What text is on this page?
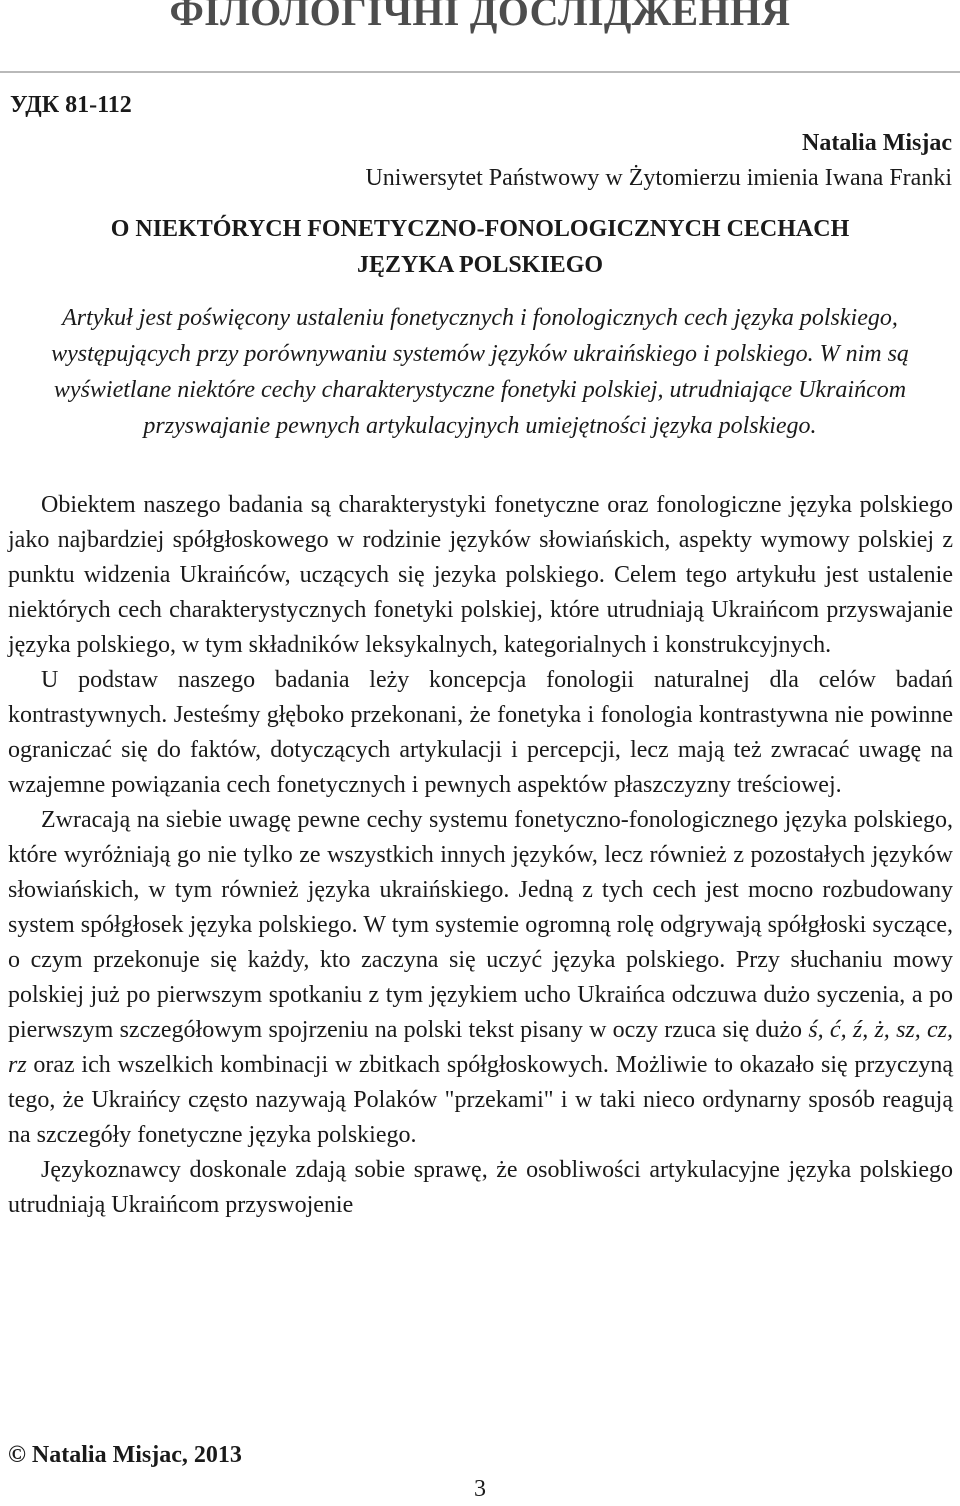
ФІЛОЛОГІЧНІ ДОСЛІДЖЕННЯ
УДК 81-112
Natalia Misjac
Uniwersytet Państwowy w Żytomierzu imienia Iwana Franki
O NIEKTÓRYCH FONETYCZNO-FONOLOGICZNYCH CECHACH
JĘZYKA POLSKIEGO

Artykuł jest poświęcony ustaleniu fonetycznych i fonologicznych cech języka polskiego, występujących przy porównywaniu systemów języków ukraińskiego i polskiego. W nim są wyświetlane niektóre cechy charakterystyczne fonetyki polskiej, utrudniające Ukraińcom przyswajanie pewnych artykulacyjnych umiejętności języka polskiego.

Obiektem naszego badania są charakterystyki fonetyczne oraz fonologiczne języka polskiego jako najbardziej spółgłoskowego w rodzinie języków słowiańskich, aspekty wymowy polskiej z punktu widzenia Ukraińców, uczących się jezyka polskiego. Celem tego artykułu jest ustalenie niektórych cech charakterystycznych fonetyki polskiej, które utrudniają Ukraińcom przyswajanie języka polskiego, w tym składników leksykalnych, kategorialnych i konstrukcyjnych.

U podstaw naszego badania leży koncepcja fonologii naturalnej dla celów badań kontrastywnych. Jesteśmy głęboko przekonani, że fonetyka i fonologia kontrastywna nie powinne ograniczać się do faktów, dotyczących artykulacji i percepcji, lecz mają też zwracać uwagę na wzajemne powiązania cech fonetycznych i pewnych aspektów płaszczyzny treściowej.

Zwracają na siebie uwagę pewne cechy systemu fonetyczno-fonologicznego języka polskiego, które wyróżniają go nie tylko ze wszystkich innych języków, lecz również z pozostałych języków słowiańskich, w tym również języka ukraińskiego. Jedną z tych cech jest mocno rozbudowany system spółgłosek języka polskiego. W tym systemie ogromną rolę odgrywają spółgłoski syczące, o czym przekonuje się każdy, kto zaczyna się uczyć języka polskiego. Przy słuchaniu mowy polskiej już po pierwszym spotkaniu z tym językiem ucho Ukraińca odczuwa dużo syczenia, a po pierwszym szczegółowym spojrzeniu na polski tekst pisany w oczy rzuca się dużo ś, ć, ź, ż, sz, cz, rz oraz ich wszelkich kombinacji w zbitkach spółgłoskowych. Możliwie to okazało się przyczyną tego, że Ukraińcy często nazywają Polaków "przekami" i w taki nieco ordynarny sposób reagują na szczegóły fonetyczne języka polskiego.

Językoznawcy doskonale zdają sobie sprawę, że osobliwości artykulacyjne języka polskiego utrudniają Ukraińcom przyswojenie

© Natalia Misjac, 2013
3
